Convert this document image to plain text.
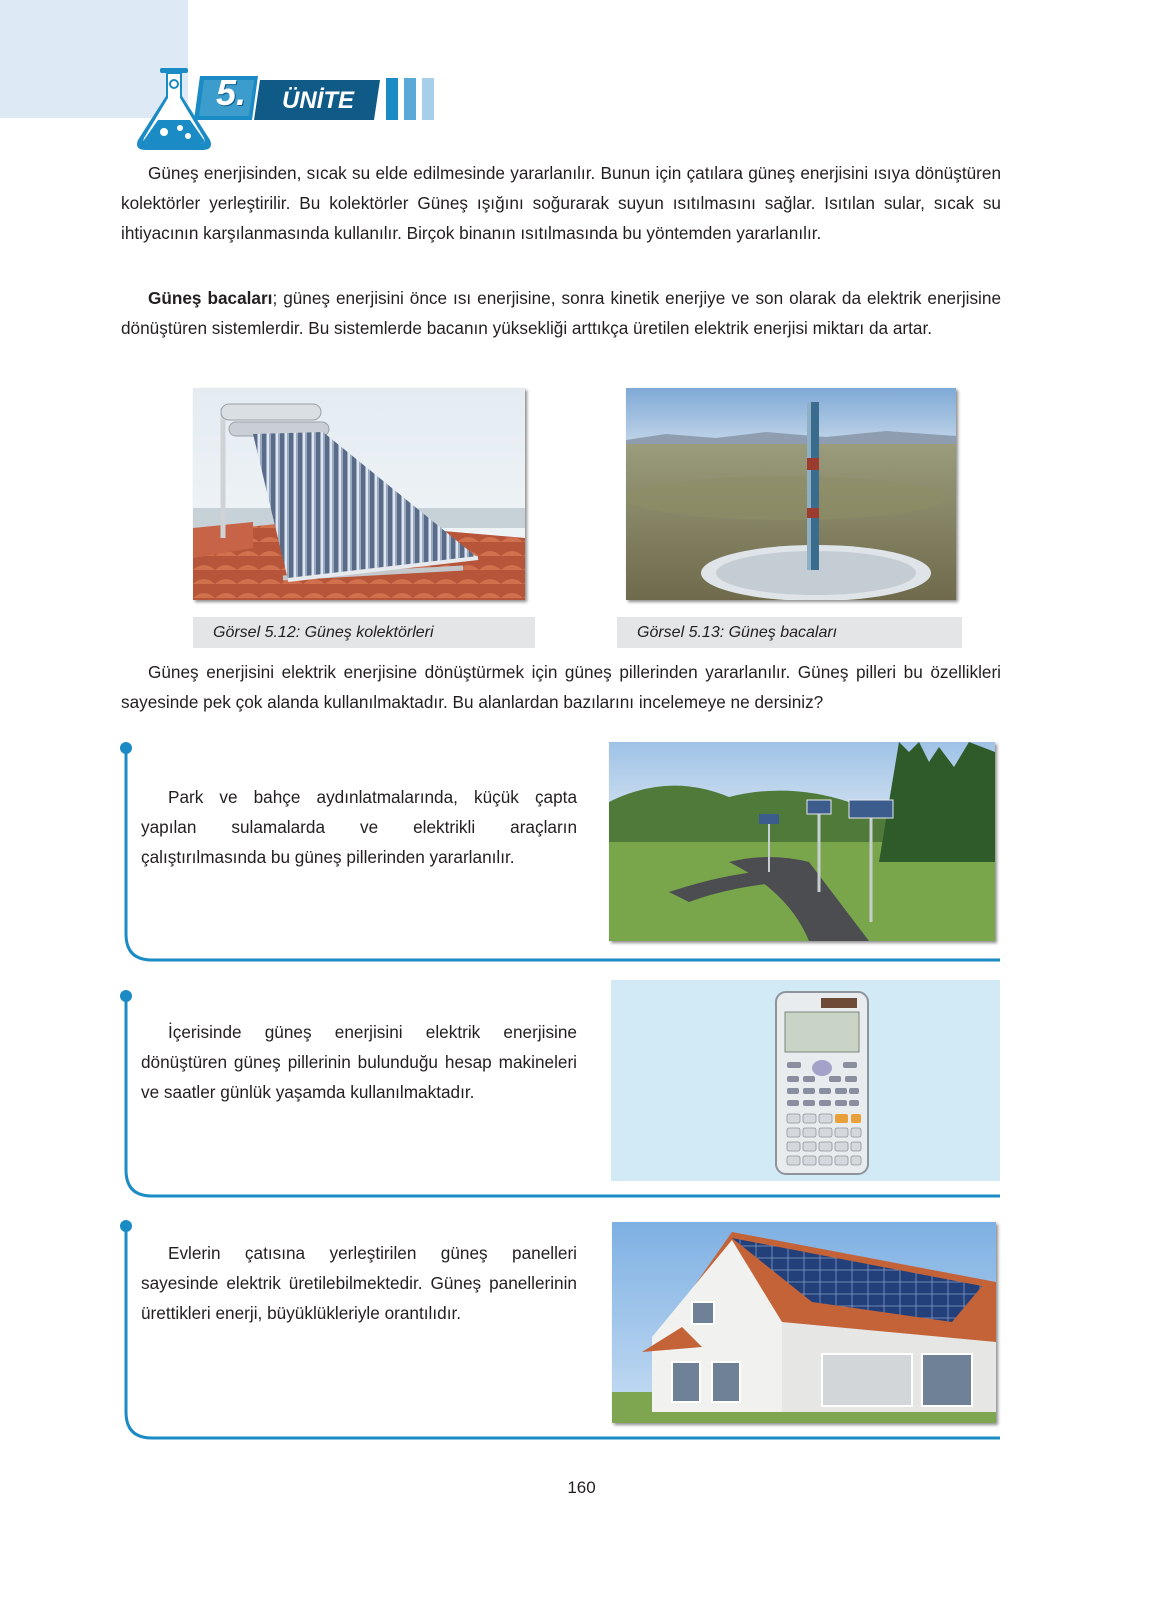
5.	ÜNİTE

Güneş enerjisinden, sıcak su elde edilmesinde yararlanılır. Bunun için çatılara güneş enerjisini ısıya dönüştüren kolektörler yerleştirilir. Bu kolektörler Güneş ışığını soğurarak suyun ısıtılmasını sağlar. Isıtılan sular, sıcak su ihtiyacının karşılanmasında kullanılır. Birçok binanın ısıtılmasında bu yöntemden yararlanılır.

Güneş bacaları; güneş enerjisini önce ısı enerjisine, sonra kinetik enerjiye ve son olarak da elektrik enerjisine dönüştüren sistemlerdir. Bu sistemlerde bacanın yüksekliği arttıkça üretilen elektrik enerjisi miktarı da artar.

Görsel 5.12: Güneş kolektörleri	Görsel 5.13: Güneş bacaları

Güneş enerjisini elektrik enerjisine dönüştürmek için güneş pillerinden yararlanılır. Güneş pilleri bu özellikleri sayesinde pek çok alanda kullanılmaktadır. Bu alanlardan bazılarını incelemeye ne dersiniz?

Park ve bahçe aydınlatmalarında, küçük çapta yapılan sulamalarda ve elektrikli araçların çalıştırılmasında bu güneş pillerinden yararlanılır.
İçerisinde güneş enerjisini elektrik enerjisine dönüştüren güneş pillerinin bulunduğu hesap makineleri ve saatler günlük yaşamda kullanılmaktadır.
Evlerin çatısına yerleştirilen güneş panelleri sayesinde elektrik üretilebilmektedir. Güneş panellerinin ürettikleri enerji, büyüklükleriyle orantılıdır.
160
